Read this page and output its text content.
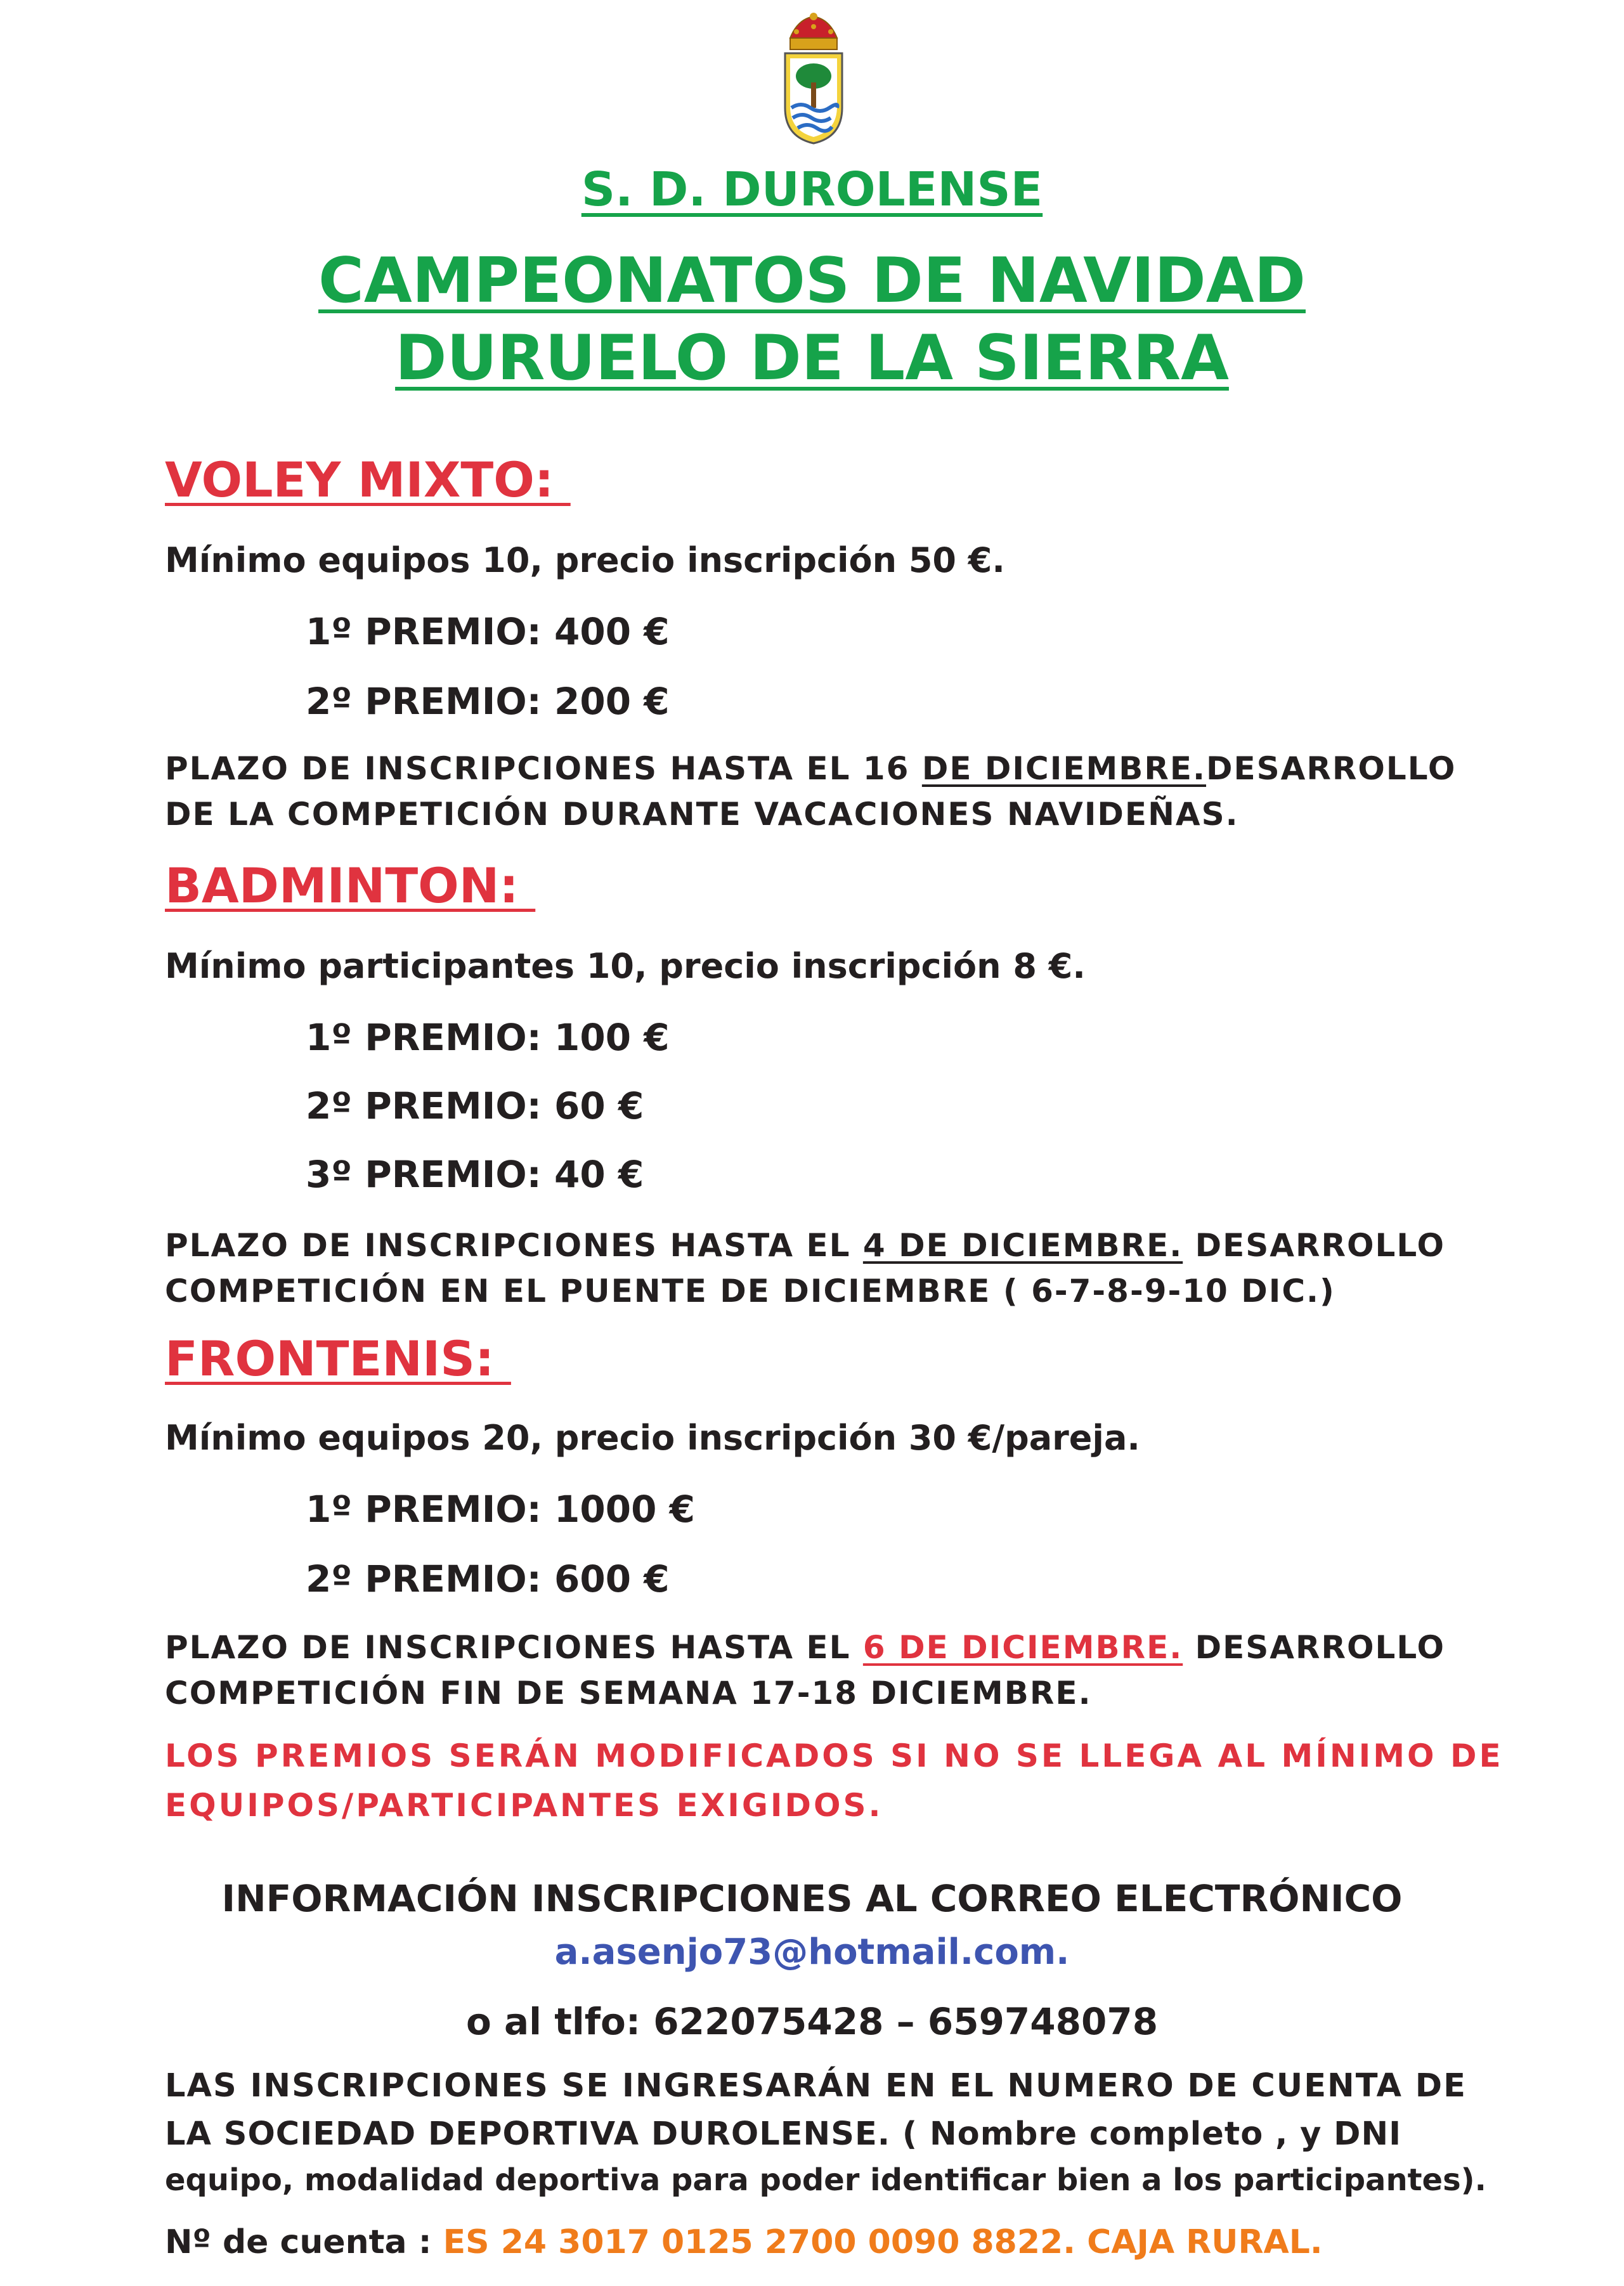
S. D. DUROLENSE
CAMPEONATOS DE NAVIDAD
DURUELO DE LA SIERRA
VOLEY MIXTO:
Mínimo equipos 10, precio inscripción 50 €.
1º PREMIO: 400 €
2º PREMIO: 200 €
PLAZO DE INSCRIPCIONES HASTA EL 16 DE DICIEMBRE.DESARROLLO
DE LA COMPETICIÓN DURANTE VACACIONES NAVIDEÑAS.
BADMINTON:
Mínimo participantes 10, precio inscripción 8 €.
1º PREMIO: 100 €
2º PREMIO: 60 €
3º PREMIO: 40 €
PLAZO DE INSCRIPCIONES HASTA EL 4 DE DICIEMBRE. DESARROLLO
COMPETICIÓN EN EL PUENTE DE DICIEMBRE ( 6-7-8-9-10 DIC.)
FRONTENIS:
Mínimo equipos 20, precio inscripción 30 €/pareja.
1º PREMIO: 1000 €
2º PREMIO: 600 €
PLAZO DE INSCRIPCIONES HASTA EL 6 DE DICIEMBRE. DESARROLLO
COMPETICIÓN FIN DE SEMANA 17-18 DICIEMBRE.
LOS PREMIOS SERÁN MODIFICADOS SI NO SE LLEGA AL MÍNIMO DE
EQUIPOS/PARTICIPANTES EXIGIDOS.
INFORMACIÓN INSCRIPCIONES AL CORREO ELECTRÓNICO
a.asenjo73@hotmail.com.
o al tlfo: 622075428 – 659748078
LAS INSCRIPCIONES SE INGRESARÁN EN EL NUMERO DE CUENTA DE
LA SOCIEDAD DEPORTIVA DUROLENSE. ( Nombre completo , y DNI
equipo, modalidad deportiva para poder identificar bien a los participantes).
Nº de cuenta : ES 24 3017 0125 2700 0090 8822. CAJA RURAL.
